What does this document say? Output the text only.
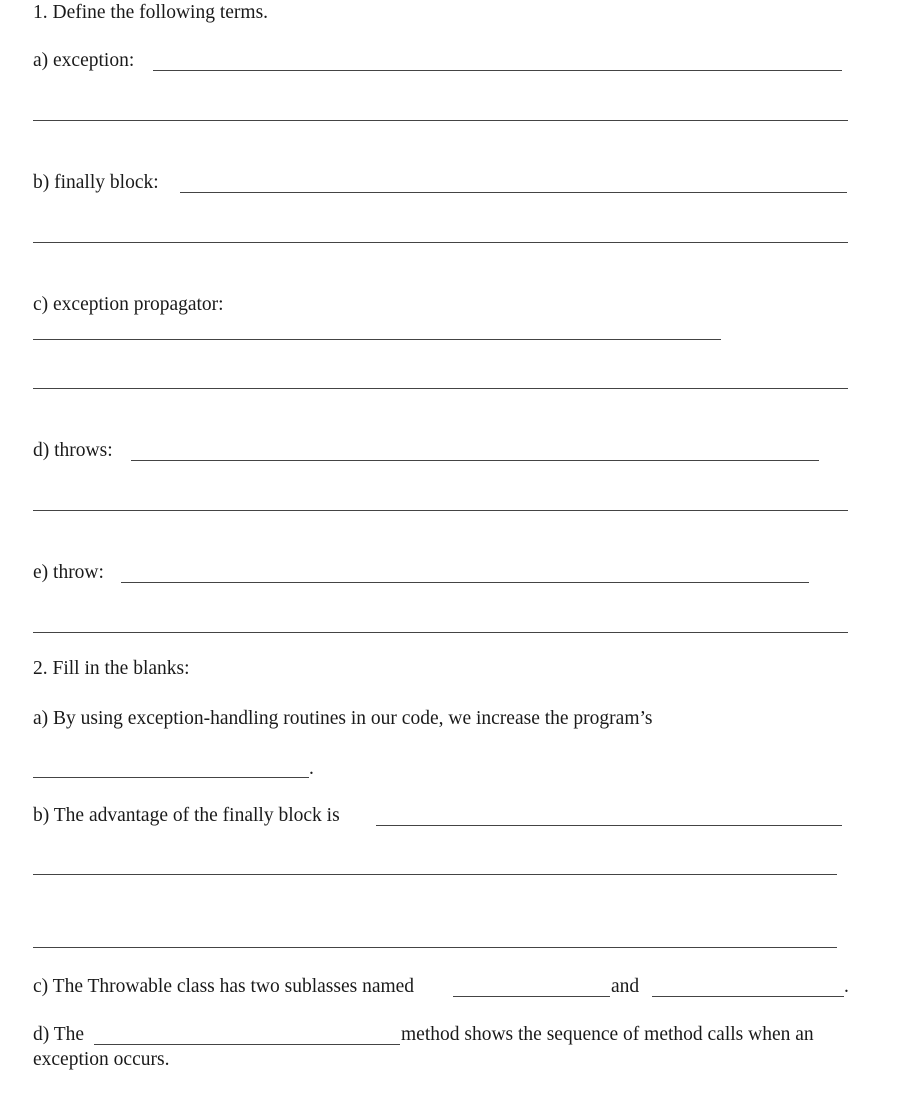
1. Define the following terms.
a) exception:
b) finally block:
c) exception propagator:
d) throws:
e) throw:
2. Fill in the blanks:
a) By using exception-handling routines in our code, we increase the program’s
.
b) The advantage of the finally block is
c) The Throwable class has two sublasses named	and	.
d) The	method shows the sequence of method calls when an
exception occurs.
